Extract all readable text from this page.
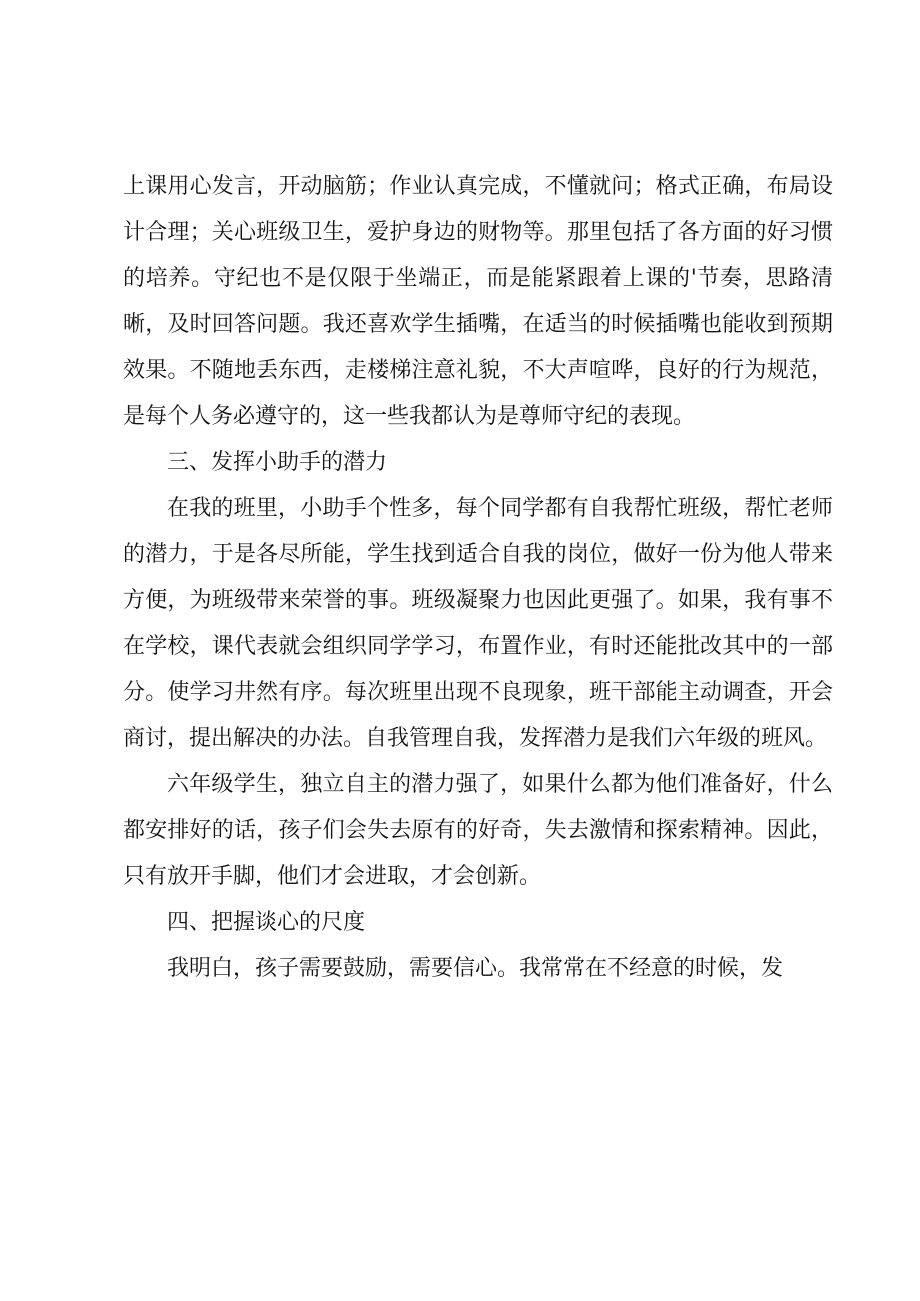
上课用心发言，开动脑筋；作业认真完成，不懂就问；格式正确，布局设计合理；关心班级卫生，爱护身边的财物等。那里包括了各方面的好习惯的培养。守纪也不是仅限于坐端正，而是能紧跟着上课的'节奏，思路清晰，及时回答问题。我还喜欢学生插嘴，在适当的时候插嘴也能收到预期效果。不随地丢东西，走楼梯注意礼貌，不大声喧哗，良好的行为规范，是每个人务必遵守的，这一些我都认为是尊师守纪的表现。

三、发挥小助手的潜力

在我的班里，小助手个性多，每个同学都有自我帮忙班级，帮忙老师的潜力，于是各尽所能，学生找到适合自我的岗位，做好一份为他人带来方便，为班级带来荣誉的事。班级凝聚力也因此更强了。如果，我有事不在学校，课代表就会组织同学学习，布置作业，有时还能批改其中的一部分。使学习井然有序。每次班里出现不良现象，班干部能主动调查，开会商讨，提出解决的办法。自我管理自我，发挥潜力是我们六年级的班风。

六年级学生，独立自主的潜力强了，如果什么都为他们准备好，什么都安排好的话，孩子们会失去原有的好奇，失去激情和探索精神。因此，只有放开手脚，他们才会进取，才会创新。

四、把握谈心的尺度

我明白，孩子需要鼓励，需要信心。我常常在不经意的时候，发
